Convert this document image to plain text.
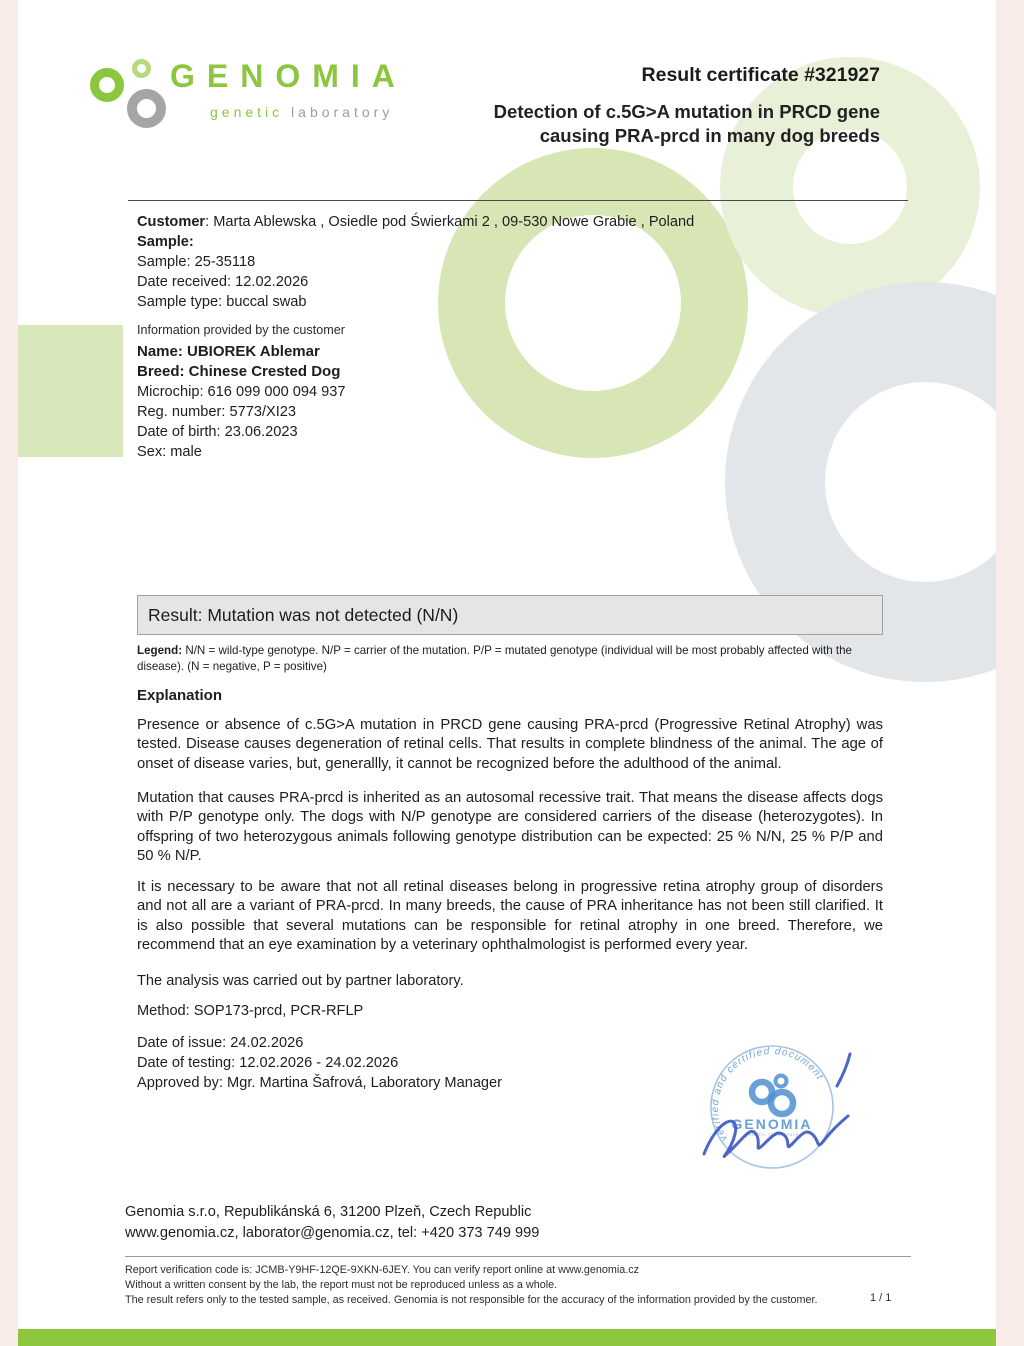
GENOMIA
genetic laboratory
Result certificate #321927
Detection of c.5G>A mutation in PRCD gene
causing PRA-prcd in many dog breeds
Customer: Marta Ablewska , Osiedle pod Świerkami 2 , 09-530 Nowe Grabie , Poland
Sample:
Sample: 25-35118
Date received: 12.02.2026
Sample type: buccal swab
Information provided by the customer
Name: UBIOREK Ablemar
Breed: Chinese Crested Dog
Microchip: 616 099 000 094 937
Reg. number: 5773/XI23
Date of birth: 23.06.2023
Sex: male
Result: Mutation was not detected (N/N)
Legend: N/N = wild-type genotype. N/P = carrier of the mutation. P/P = mutated genotype (individual will be most probably affected with the disease). (N = negative, P = positive)
Explanation
Presence or absence of c.5G>A mutation in PRCD gene causing PRA-prcd (Progressive Retinal Atrophy) was tested. Disease causes degeneration of retinal cells. That results in complete blindness of the animal. The age of onset of disease varies, but, generallly, it cannot be recognized before the adulthood of the animal.
Mutation that causes PRA-prcd is inherited as an autosomal recessive trait. That means the disease affects dogs with P/P genotype only. The dogs with N/P genotype are considered carriers of the disease (heterozygotes). In offspring of two heterozygous animals following genotype distribution can be expected: 25 % N/N, 25 % P/P and 50 % N/P.
It is necessary to be aware that not all retinal diseases belong in progressive retina atrophy group of disorders and not all are a variant of PRA-prcd. In many breeds, the cause of PRA inheritance has not been still clarified. It is also possible that several mutations can be responsible for retinal atrophy in one breed. Therefore, we recommend that an eye examination by a veterinary ophthalmologist is performed every year.
The analysis was carried out by partner laboratory.
Method: SOP173-prcd, PCR-RFLP
Date of issue: 24.02.2026
Date of testing: 12.02.2026 - 24.02.2026
Approved by: Mgr. Martina Šafrová, Laboratory Manager
verified and certified document
GENOMIA
genetic laboratory
Genomia s.r.o, Republikánská 6, 31200 Plzeň, Czech Republic
www.genomia.cz, laborator@genomia.cz, tel: +420 373 749 999
Report verification code is: JCMB-Y9HF-12QE-9XKN-6JEY. You can verify report online at www.genomia.cz
Without a written consent by the lab, the report must not be reproduced unless as a whole.
The result refers only to the tested sample, as received. Genomia is not responsible for the accuracy of the information provided by the customer.	1 / 1
